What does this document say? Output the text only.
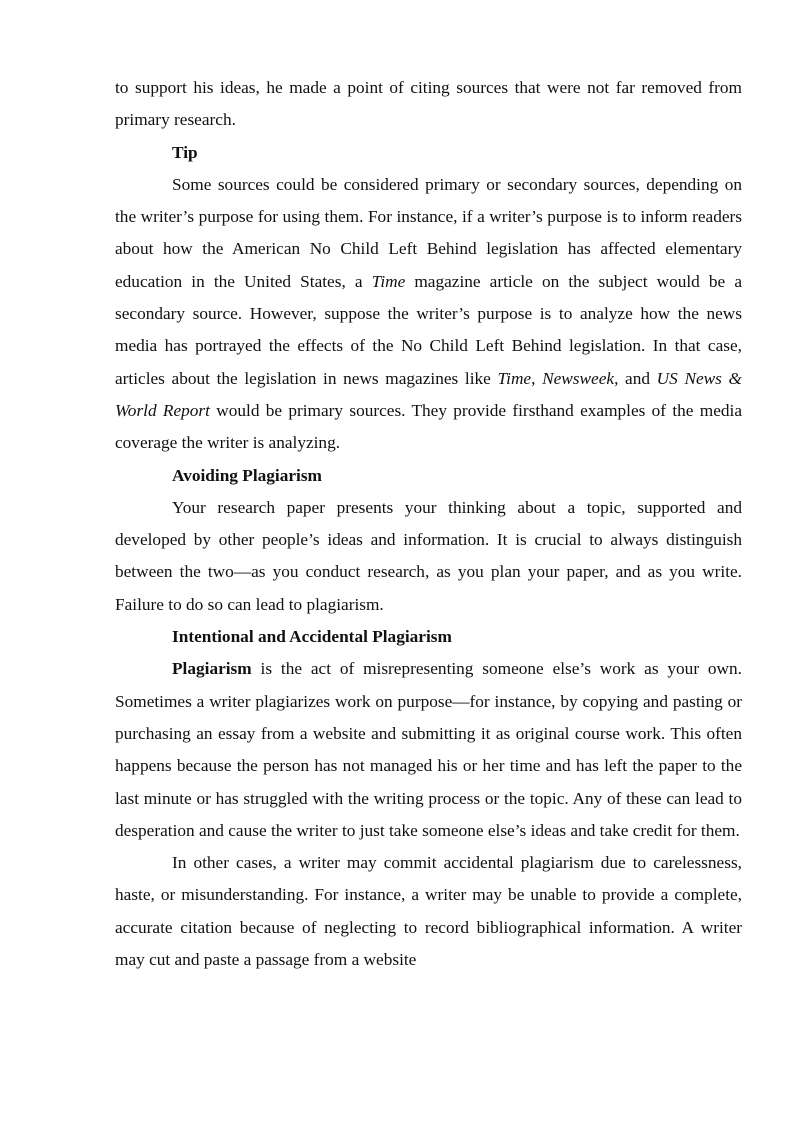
to support his ideas, he made a point of citing sources that were not far removed from primary research.

Tip

Some sources could be considered primary or secondary sources, depending on the writer’s purpose for using them. For instance, if a writer’s purpose is to inform readers about how the American No Child Left Behind legislation has affected elementary education in the United States, a Time magazine article on the subject would be a secondary source. However, suppose the writer’s purpose is to analyze how the news media has portrayed the effects of the No Child Left Behind legislation. In that case, articles about the legislation in news magazines like Time, Newsweek, and US News & World Report would be primary sources. They provide firsthand examples of the media coverage the writer is analyzing.

Avoiding Plagiarism

Your research paper presents your thinking about a topic, supported and developed by other people’s ideas and information. It is crucial to always distinguish between the two—as you conduct research, as you plan your paper, and as you write. Failure to do so can lead to plagiarism.

Intentional and Accidental Plagiarism

Plagiarism is the act of misrepresenting someone else’s work as your own. Sometimes a writer plagiarizes work on purpose—for instance, by copying and pasting or purchasing an essay from a website and submitting it as original course work. This often happens because the person has not managed his or her time and has left the paper to the last minute or has struggled with the writing process or the topic. Any of these can lead to desperation and cause the writer to just take someone else’s ideas and take credit for them.

In other cases, a writer may commit accidental plagiarism due to carelessness, haste, or misunderstanding. For instance, a writer may be unable to provide a complete, accurate citation because of neglecting to record bibliographical information. A writer may cut and paste a passage from a website
